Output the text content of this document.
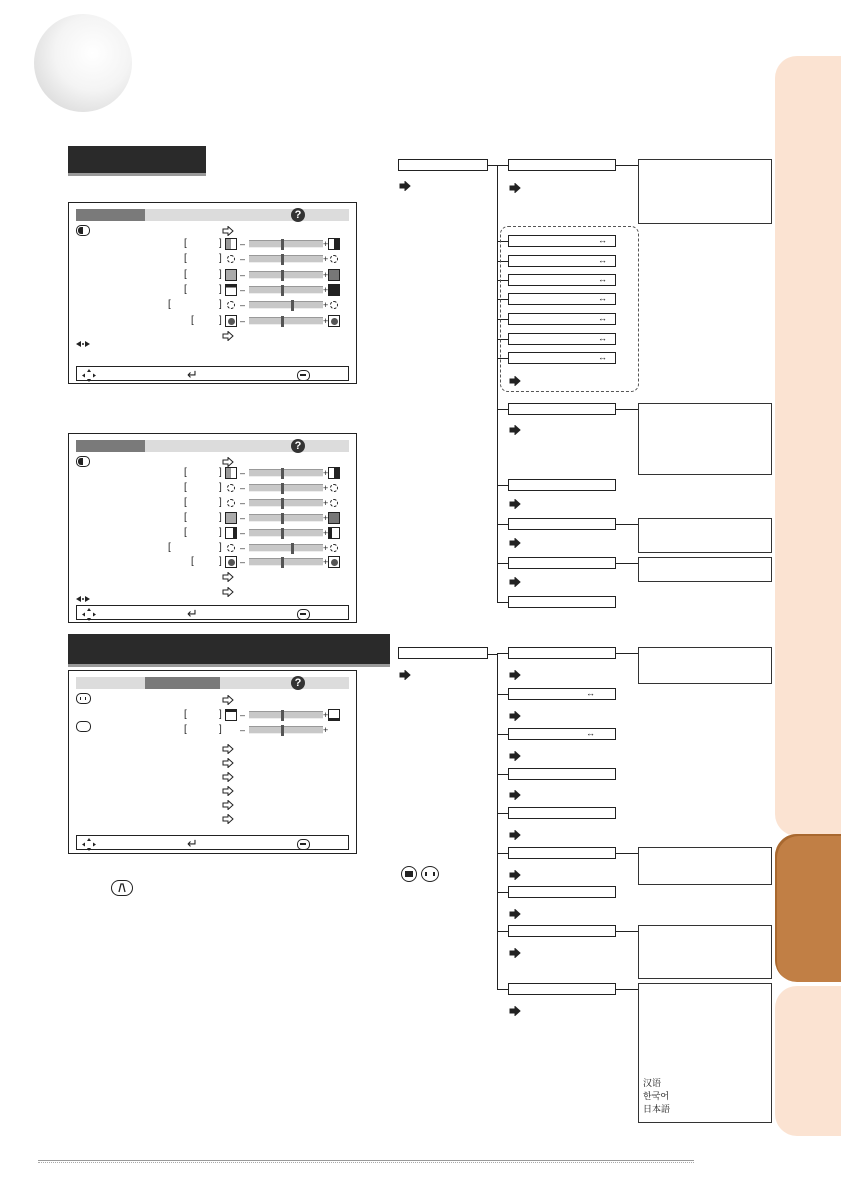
?
[	] –	+
[	] –	+
[	] –	+
[	] –	+
[	] –	+
[	] –	+
↵
?
[	] –	+
[	] –	+
[	] –	+
[	] –	+
[	] –	+
[	] –	+
[	] –	+
↵
?
[	] –	+
[	] –	+
↵
↔
↔
↔
↔
↔
↔
↔
↔
↔
汉语
한국어
日本語
